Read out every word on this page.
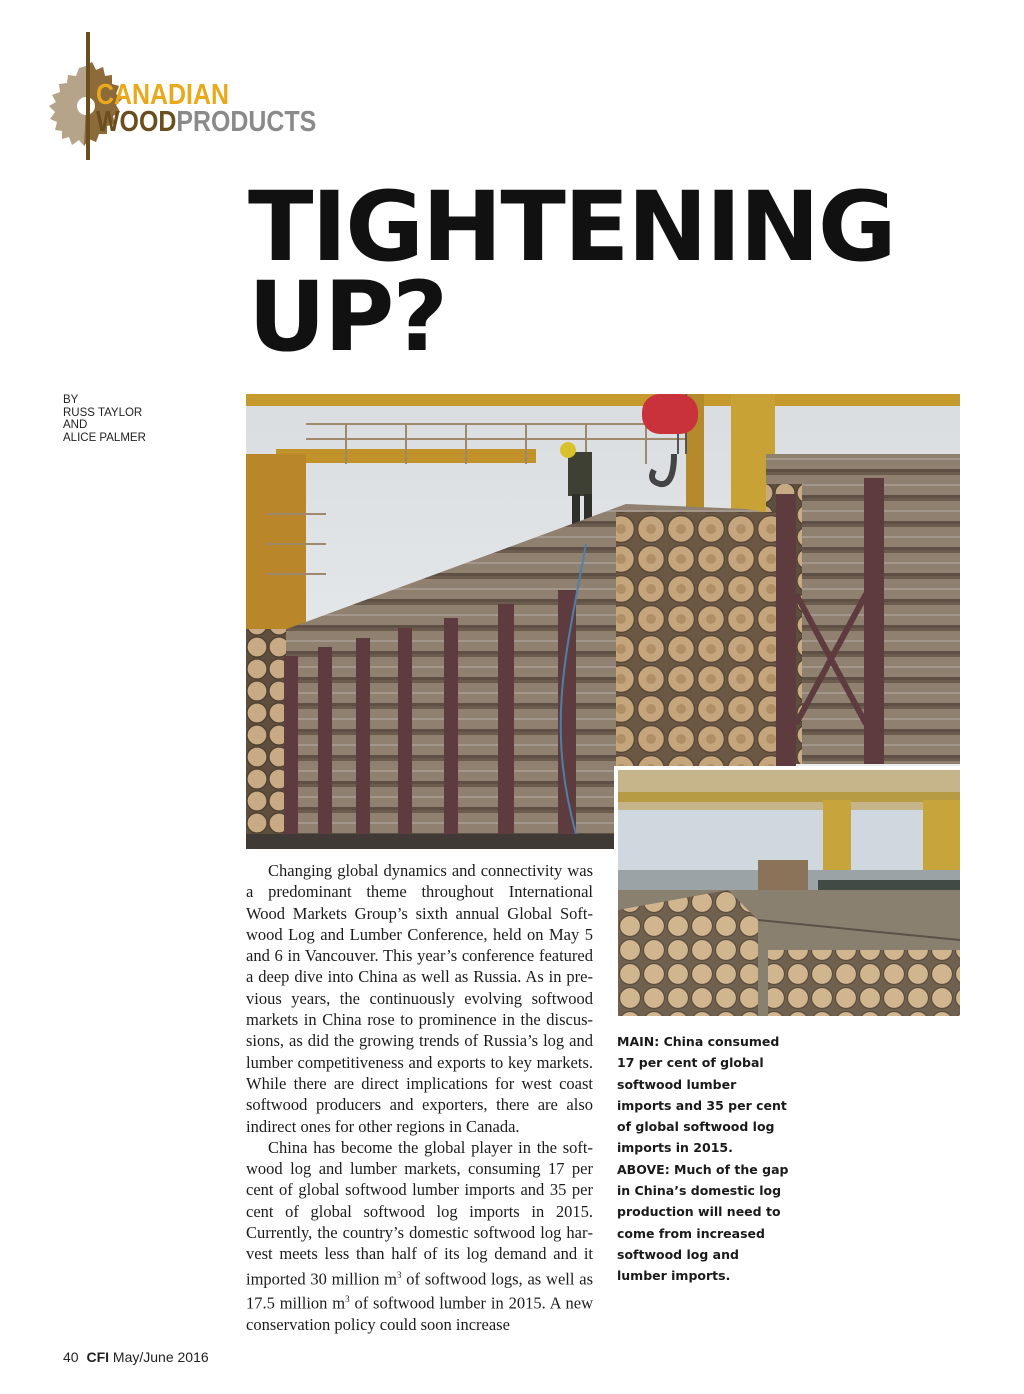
CANADIAN
WOODPRODUCTS
TIGHTENING
UP?
BY
RUSS TAYLOR
AND
ALICE PALMER

Changing global dynamics and connectivity was a predominant theme throughout International Wood Markets Group’s sixth annual Global Softwood Log and Lumber Conference, held on May 5 and 6 in Vancouver. This year’s conference featured a deep dive into China as well as Russia. As in previous years, the continuously evolving softwood markets in China rose to prominence in the discussions, as did the growing trends of Russia’s log and lumber competitiveness and exports to key markets. While there are direct implications for west coast softwood producers and exporters, there are also indirect ones for other regions in Canada.

China has become the global player in the softwood log and lumber markets, consuming 17 per cent of global softwood lumber imports and 35 per cent of global softwood log imports in 2015. Currently, the country’s domestic softwood log harvest meets less than half of its log demand and it imported 30 million $m^3$ of softwood logs, as well as 17.5 million $m^3$ of softwood lumber in 2015. A new conservation policy could soon increase

MAIN: China consumed 17 per cent of global softwood lumber imports and 35 per cent of global softwood log imports in 2015.

ABOVE: Much of the gap in China’s domestic log production will need to come from increased softwood log and lumber imports.

40 CFI May/June 2016
